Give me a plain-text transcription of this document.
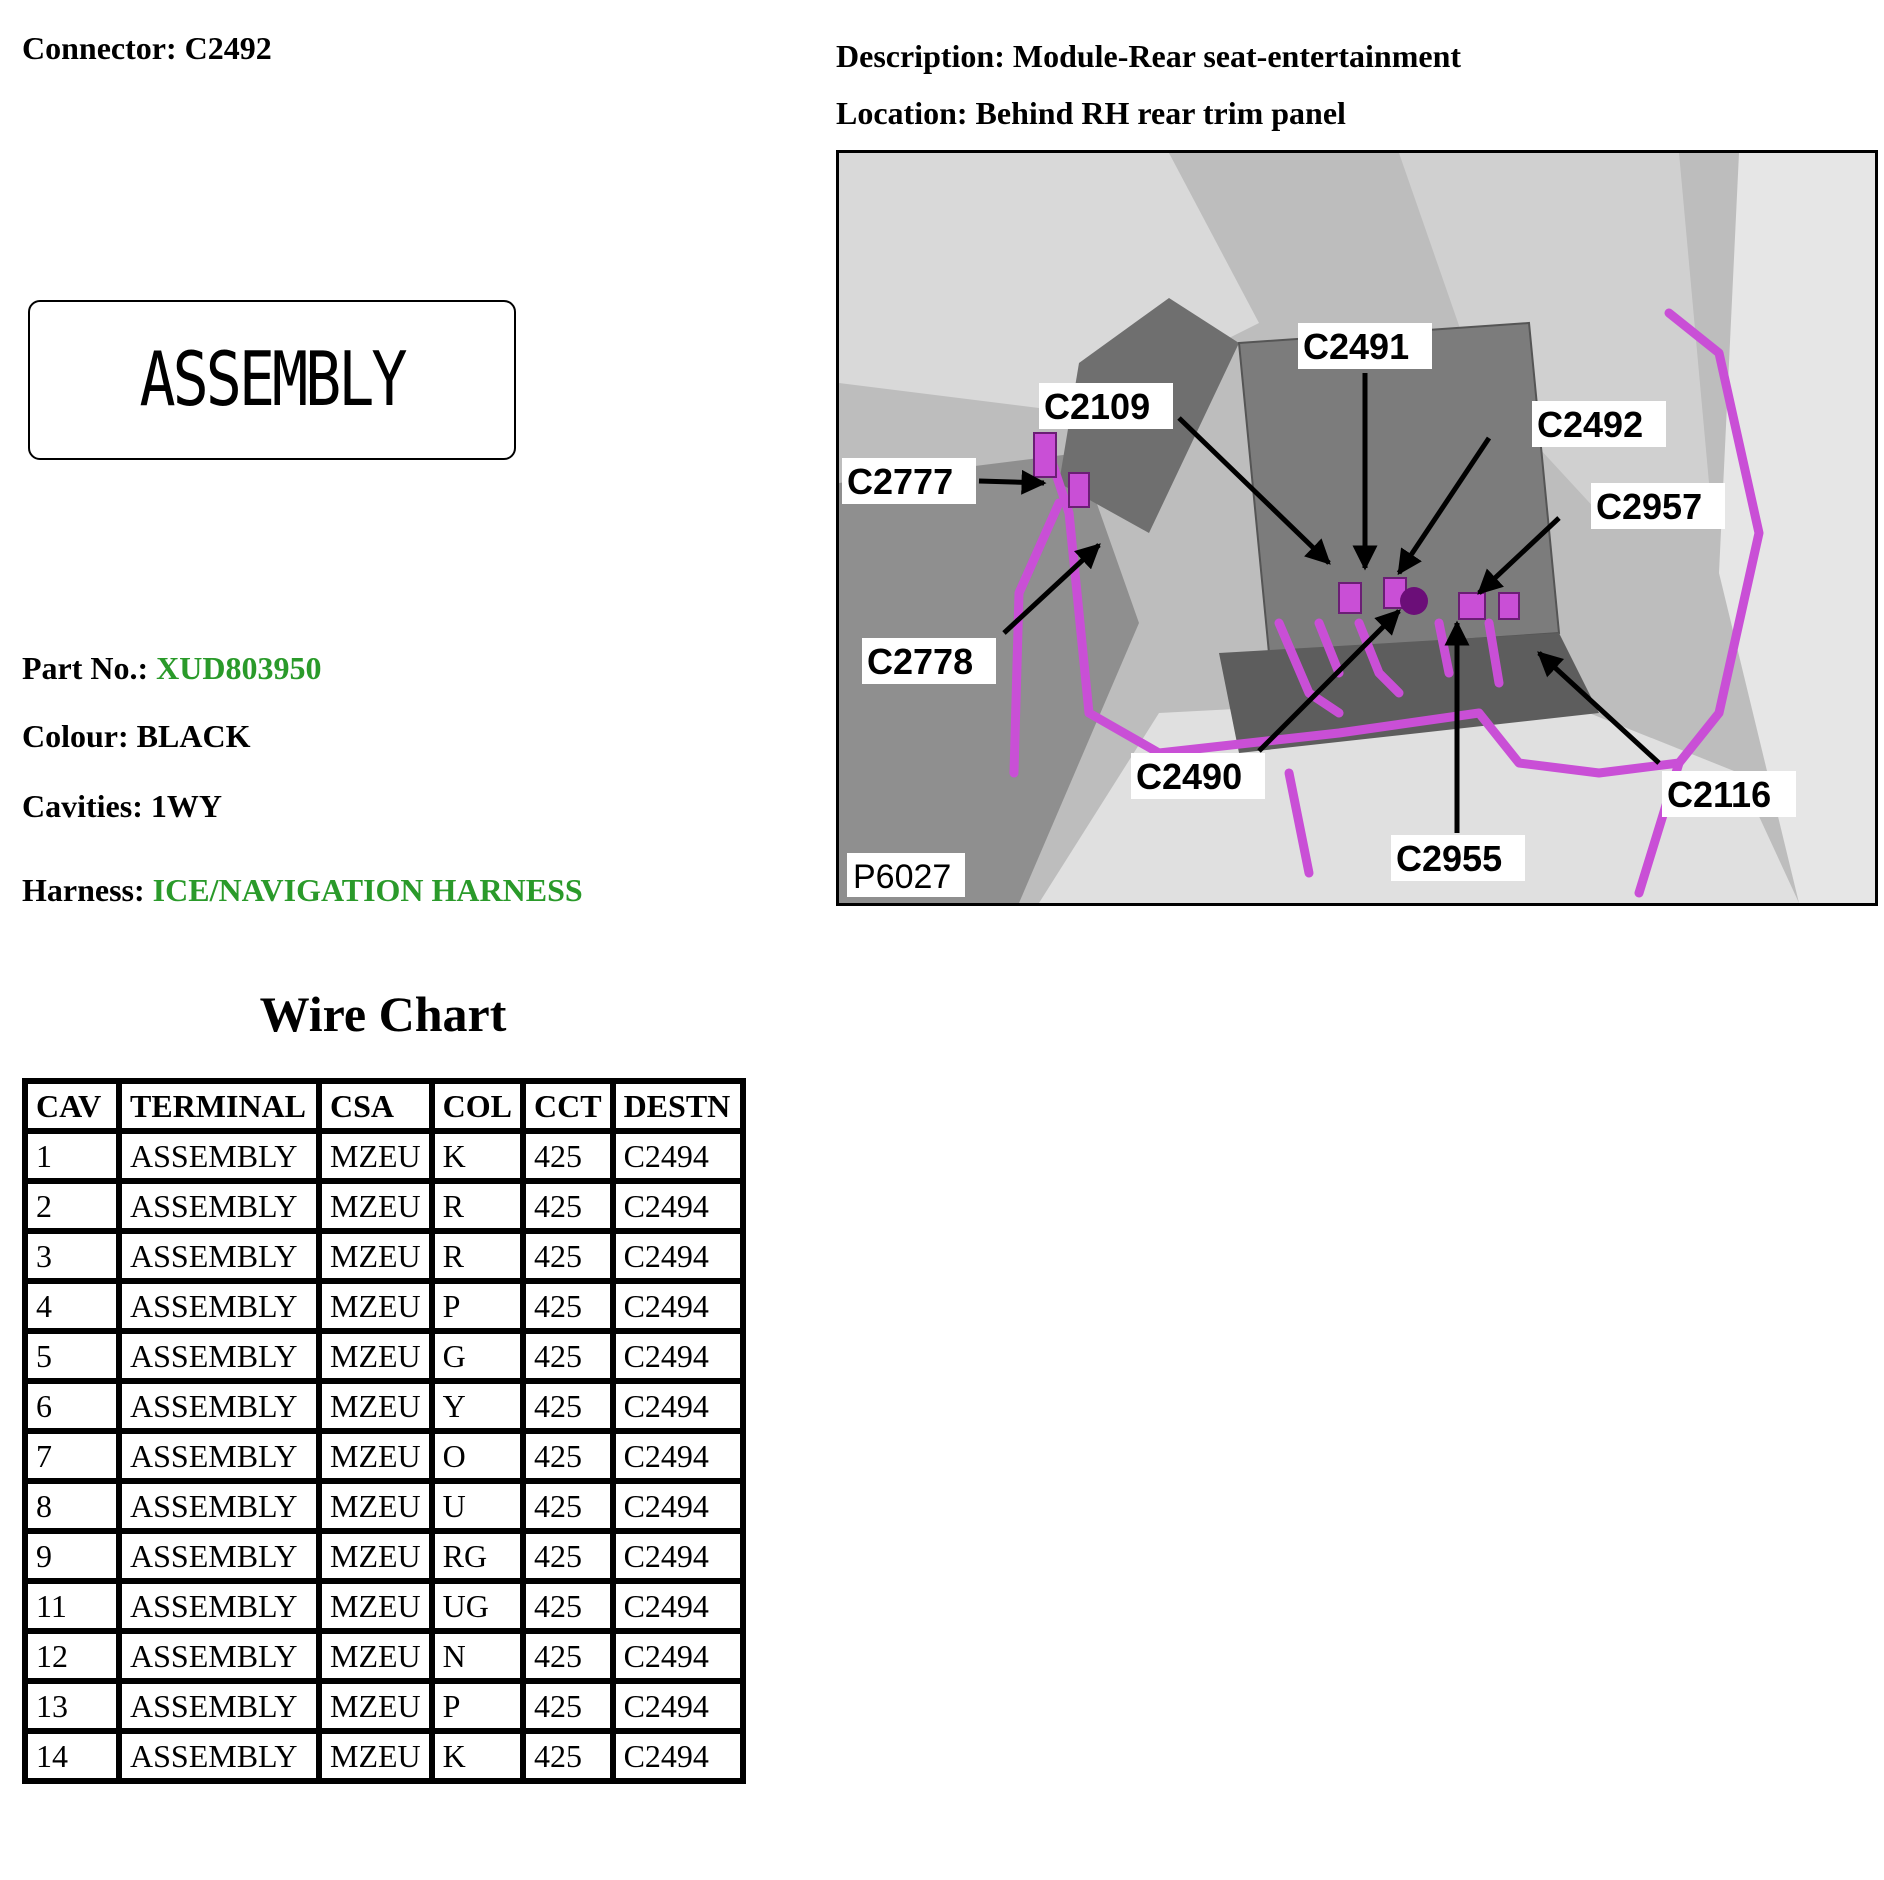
Connector: C2492	Description: Module-Rear seat-entertainment
Location: Behind RH rear trim panel
ASSEMBLY
Part No.: XUD803950
Colour: BLACK
Cavities: 1WY
Harness: ICE/NAVIGATION HARNESS
Wire Chart
CAV	TERMINAL	CSA	COL	CCT	DESTN
1	ASSEMBLY	MZEU	K	425	C2494
2	ASSEMBLY	MZEU	R	425	C2494
3	ASSEMBLY	MZEU	R	425	C2494
4	ASSEMBLY	MZEU	P	425	C2494
5	ASSEMBLY	MZEU	G	425	C2494
6	ASSEMBLY	MZEU	Y	425	C2494
7	ASSEMBLY	MZEU	O	425	C2494
8	ASSEMBLY	MZEU	U	425	C2494
9	ASSEMBLY	MZEU	RG	425	C2494
11	ASSEMBLY	MZEU	UG	425	C2494
12	ASSEMBLY	MZEU	N	425	C2494
13	ASSEMBLY	MZEU	P	425	C2494
14	ASSEMBLY	MZEU	K	425	C2494
C2491
C2109	C2492
C2777
C2957
C2778
C2490	C2116
C2955
P6027
